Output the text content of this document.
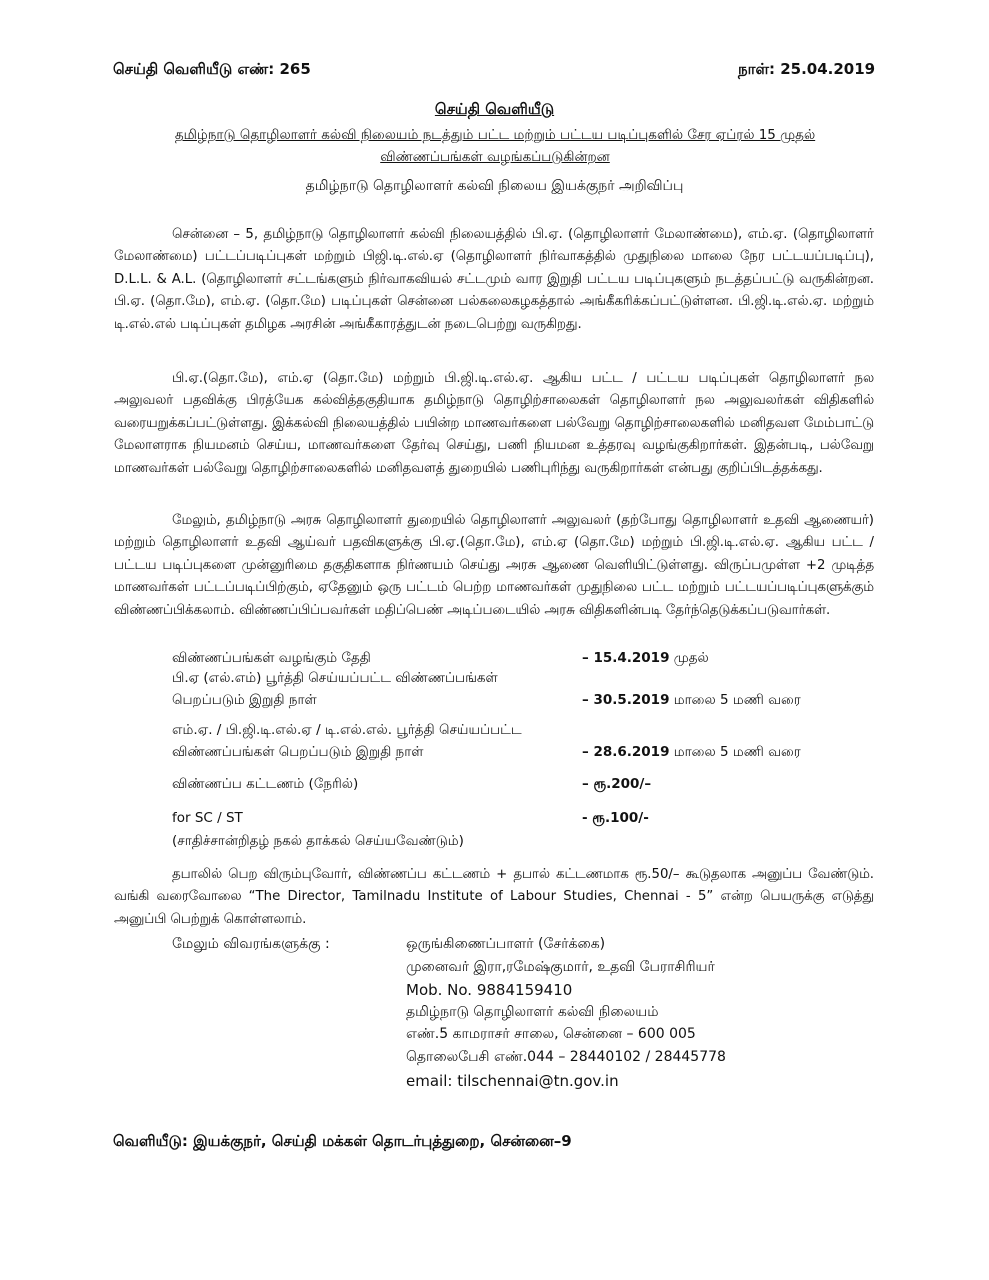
செய்தி வெளியீடு எண்: 265	நாள்: 25.04.2019
செய்தி வெளியீடு
தமிழ்நாடு தொழிலாளர் கல்வி நிலையம் நடத்தும் பட்ட மற்றும் பட்டய படிப்புகளில் சேர ஏப்ரல் 15 முதல் விண்ணப்பங்கள் வழங்கப்படுகின்றன
தமிழ்நாடு தொழிலாளர் கல்வி நிலைய இயக்குநர் அறிவிப்பு
சென்னை – 5, தமிழ்நாடு தொழிலாளர் கல்வி நிலையத்தில் பி.ஏ. (தொழிலாளர் மேலாண்மை), எம்.ஏ. (தொழிலாளர் மேலாண்மை) பட்டப்படிப்புகள் மற்றும் பிஜி.டி.எல்.ஏ (தொழிலாளர் நிர்வாகத்தில் முதுநிலை மாலை நேர பட்டயப்படிப்பு), D.L.L. & A.L. (தொழிலாளர் சட்டங்களும் நிர்வாகவியல் சட்டமும் வார இறுதி பட்டய படிப்புகளும் நடத்தப்பட்டு வருகின்றன. பி.ஏ. (தொ.மே), எம்.ஏ. (தொ.மே) படிப்புகள் சென்னை பல்கலைகழகத்தால் அங்கீகரிக்கப்பட்டுள்ளன. பி.ஜி.டி.எல்.ஏ. மற்றும் டி.எல்.எல் படிப்புகள் தமிழக அரசின் அங்கீகாரத்துடன் நடைபெற்று வருகிறது.
பி.ஏ.(தொ.மே), எம்.ஏ (தொ.மே) மற்றும் பி.ஜி.டி.எல்.ஏ. ஆகிய பட்ட / பட்டய படிப்புகள் தொழிலாளர் நல அலுவலர் பதவிக்கு பிரத்யேக கல்வித்தகுதியாக தமிழ்நாடு தொழிற்சாலைகள் தொழிலாளர் நல அலுவலர்கள் விதிகளில் வரையறுக்கப்பட்டுள்ளது. இக்கல்வி நிலையத்தில் பயின்ற மாணவர்களை பல்வேறு தொழிற்சாலைகளில் மனிதவள மேம்பாட்டு மேலாளராக நியமனம் செய்ய, மாணவர்களை தேர்வு செய்து, பணி நியமன உத்தரவு வழங்குகிறார்கள். இதன்படி, பல்வேறு மாணவர்கள் பல்வேறு தொழிற்சாலைகளில் மனிதவளத் துறையில் பணிபுரிந்து வருகிறார்கள் என்பது குறிப்பிடத்தக்கது.
மேலும், தமிழ்நாடு அரசு தொழிலாளர் துறையில் தொழிலாளர் அலுவலர் (தற்போது தொழிலாளர் உதவி ஆணையர்) மற்றும் தொழிலாளர் உதவி ஆய்வர் பதவிகளுக்கு பி.ஏ.(தொ.மே), எம்.ஏ (தொ.மே) மற்றும் பி.ஜி.டி.எல்.ஏ. ஆகிய பட்ட / பட்டய படிப்புகளை முன்னுரிமை தகுதிகளாக நிர்ணயம் செய்து அரசு ஆணை வெளியிட்டுள்ளது. விருப்பமுள்ள +2 முடித்த மாணவர்கள் பட்டப்படிப்பிற்கும், ஏதேனும் ஒரு பட்டம் பெற்ற மாணவர்கள் முதுநிலை பட்ட மற்றும் பட்டயப்படிப்புகளுக்கும் விண்ணப்பிக்கலாம். விண்ணப்பிப்பவர்கள் மதிப்பெண் அடிப்படையில் அரசு விதிகளின்படி தேர்ந்தெடுக்கப்படுவார்கள்.
விண்ணப்பங்கள் வழங்கும் தேதி	– 15.4.2019 முதல்
பி.ஏ (எல்.எம்) பூர்த்தி செய்யப்பட்ட விண்ணப்பங்கள்
பெறப்படும் இறுதி நாள்	– 30.5.2019 மாலை 5 மணி வரை
எம்.ஏ. / பி.ஜி.டி.எல்.ஏ / டி.எல்.எல். பூர்த்தி செய்யப்பட்ட
விண்ணப்பங்கள் பெறப்படும் இறுதி நாள்	– 28.6.2019 மாலை 5 மணி வரை
விண்ணப்ப கட்டணம் (நேரில்)	– ரூ.200/–
for SC / ST	- ரூ.100/-
(சாதிச்சான்றிதழ் நகல் தாக்கல் செய்யவேண்டும்)
தபாலில் பெற விரும்புவோர், விண்ணப்ப கட்டணம் + தபால் கட்டணமாக ரூ.50/– கூடுதலாக அனுப்ப வேண்டும். வங்கி வரைவோலை “The Director, Tamilnadu Institute of Labour Studies, Chennai - 5” என்ற பெயருக்கு எடுத்து அனுப்பி பெற்றுக் கொள்ளலாம்.
மேலும் விவரங்களுக்கு :	ஒருங்கிணைப்பாளர் (சேர்க்கை)
முனைவர் இரா,ரமேஷ்குமார், உதவி பேராசிரியர்
Mob. No. 9884159410
தமிழ்நாடு தொழிலாளர் கல்வி நிலையம்
எண்.5 காமராசர் சாலை, சென்னை – 600 005
தொலைபேசி எண்.044 – 28440102 / 28445778
email: tilschennai@tn.gov.in
வெளியீடு: இயக்குநர், செய்தி மக்கள் தொடர்புத்துறை, சென்னை–9
